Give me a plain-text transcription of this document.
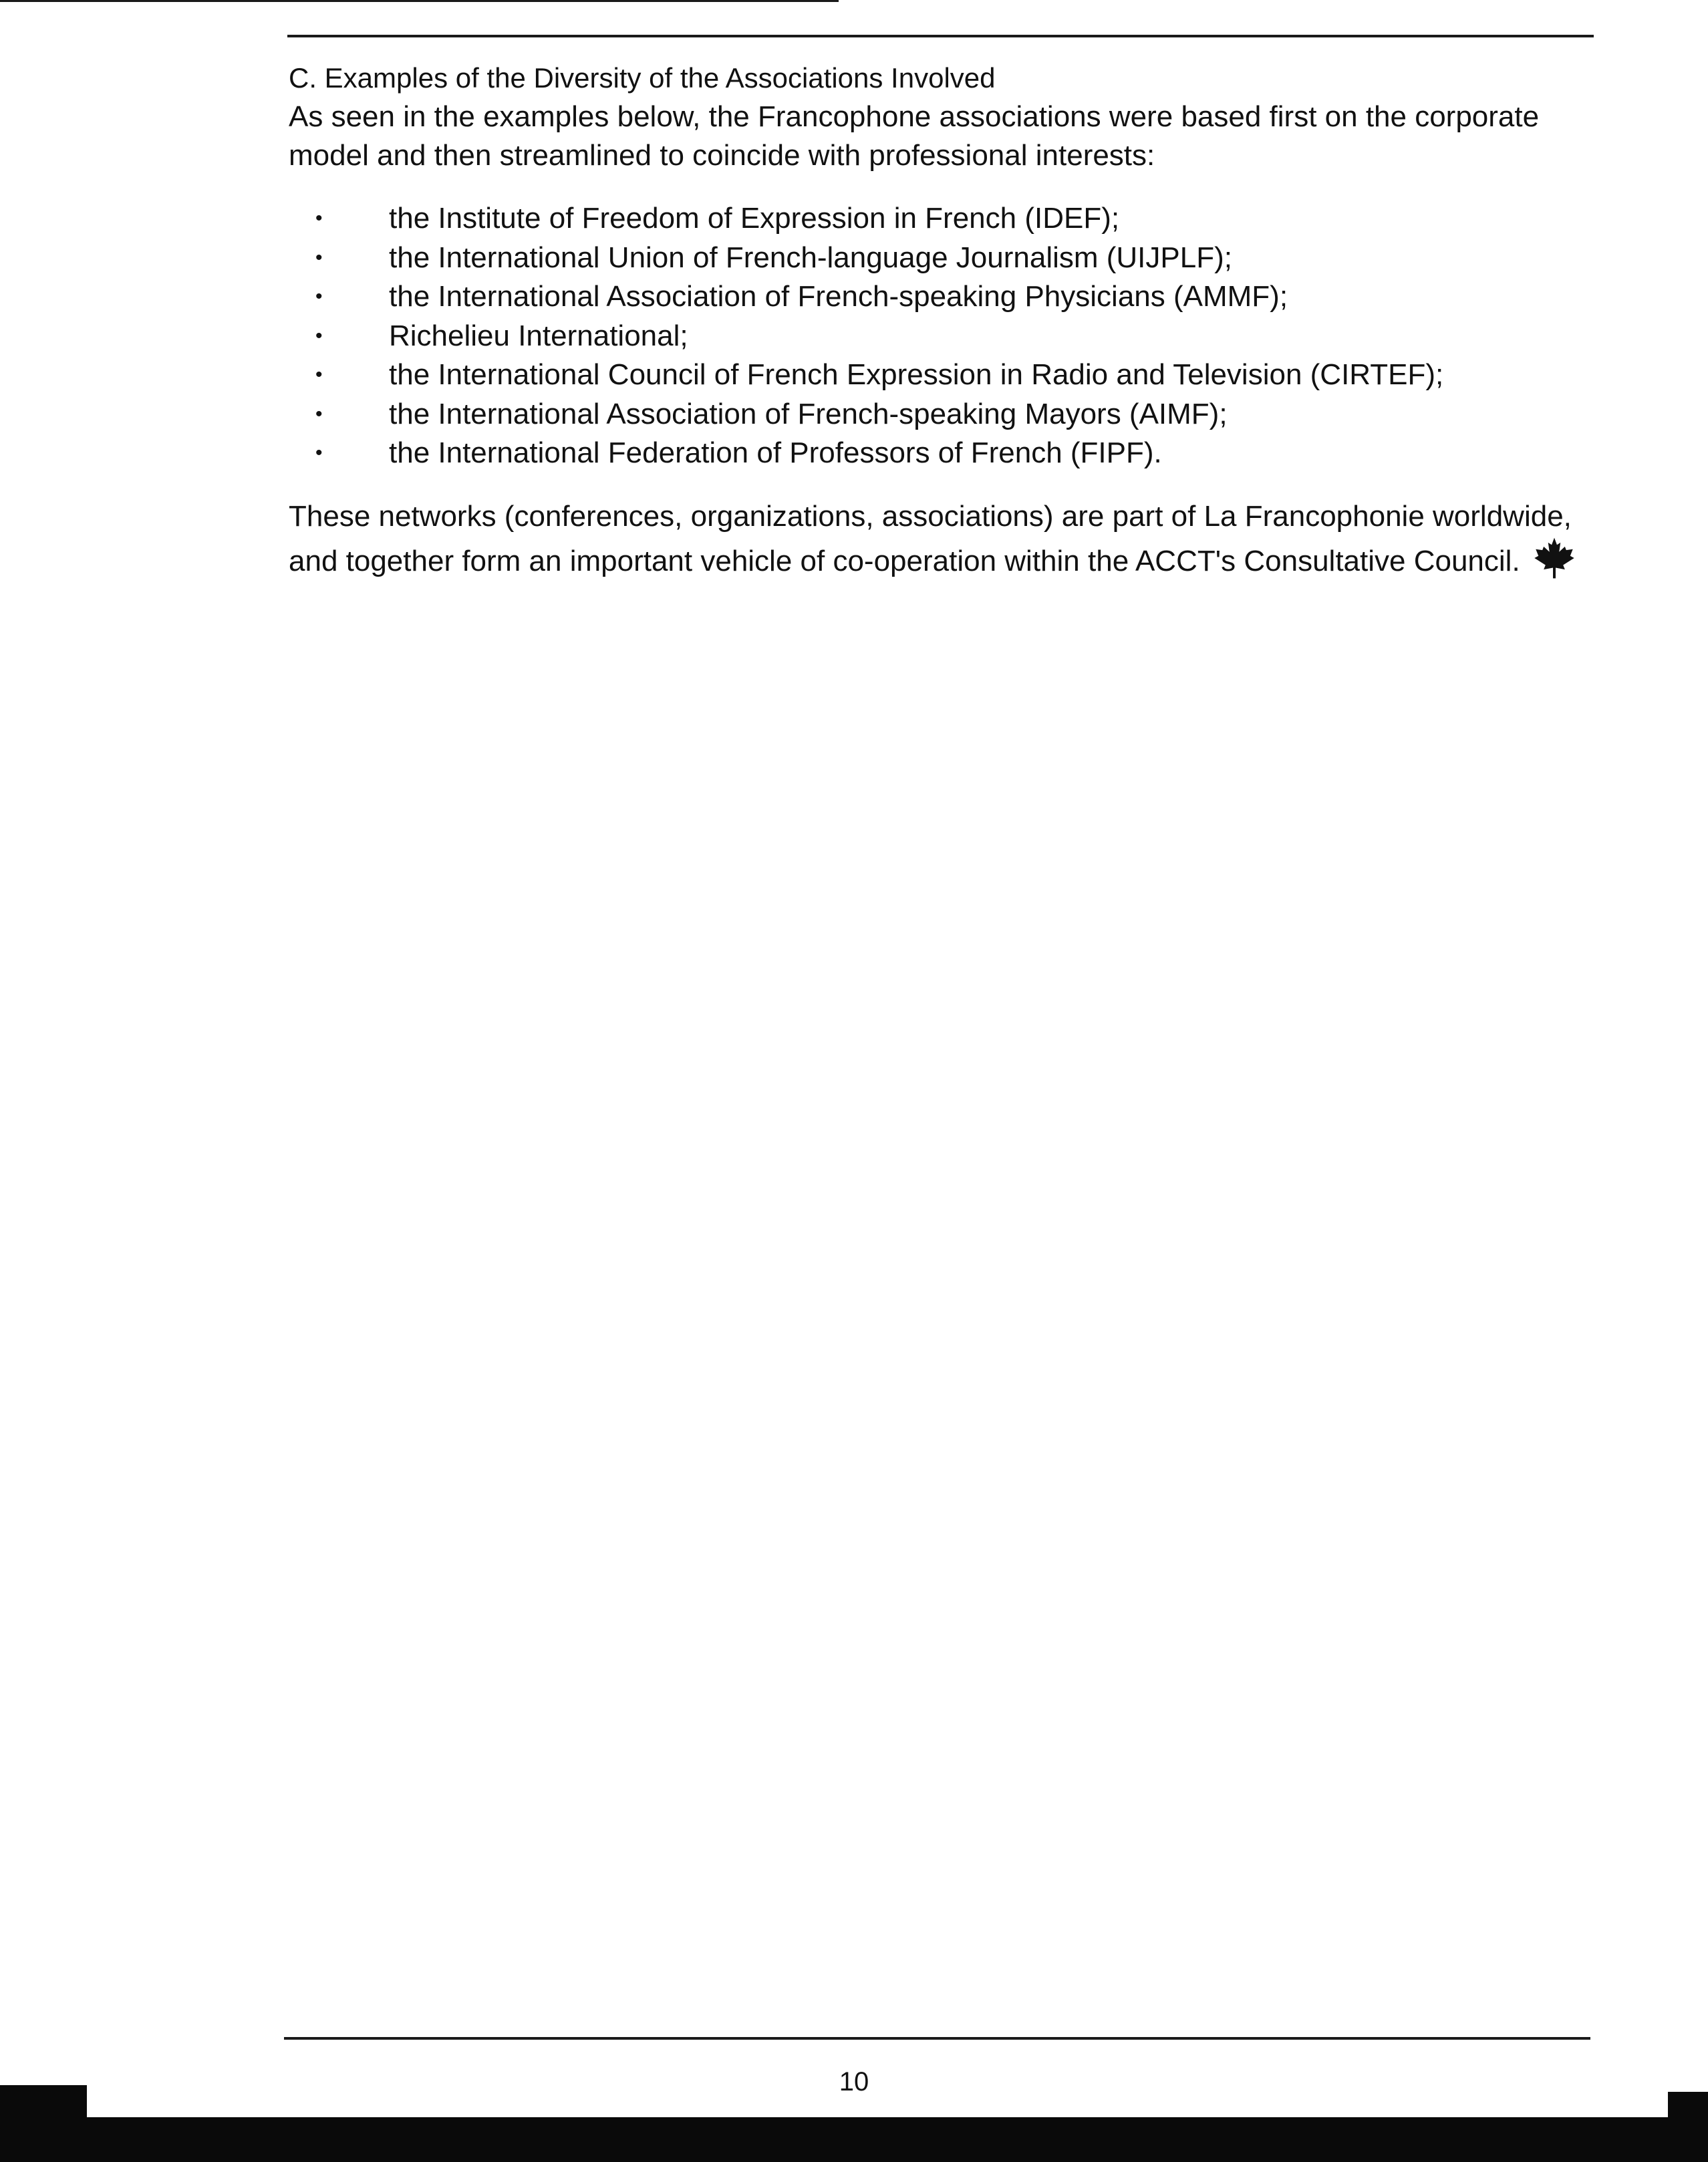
C. Examples of the Diversity of the Associations Involved

As seen in the examples below, the Francophone associations were based first on the corporate model and then streamlined to coincide with professional interests:

• the Institute of Freedom of Expression in French (IDEF);
• the International Union of French-language Journalism (UIJPLF);
• the International Association of French-speaking Physicians (AMMF);
• Richelieu International;
• the International Council of French Expression in Radio and Television (CIRTEF);
• the International Association of French-speaking Mayors (AIMF);
• the International Federation of Professors of French (FIPF).

These networks (conferences, organizations, associations) are part of La Francophonie worldwide, and together form an important vehicle of co-operation within the ACCT's Consultative Council.

10
